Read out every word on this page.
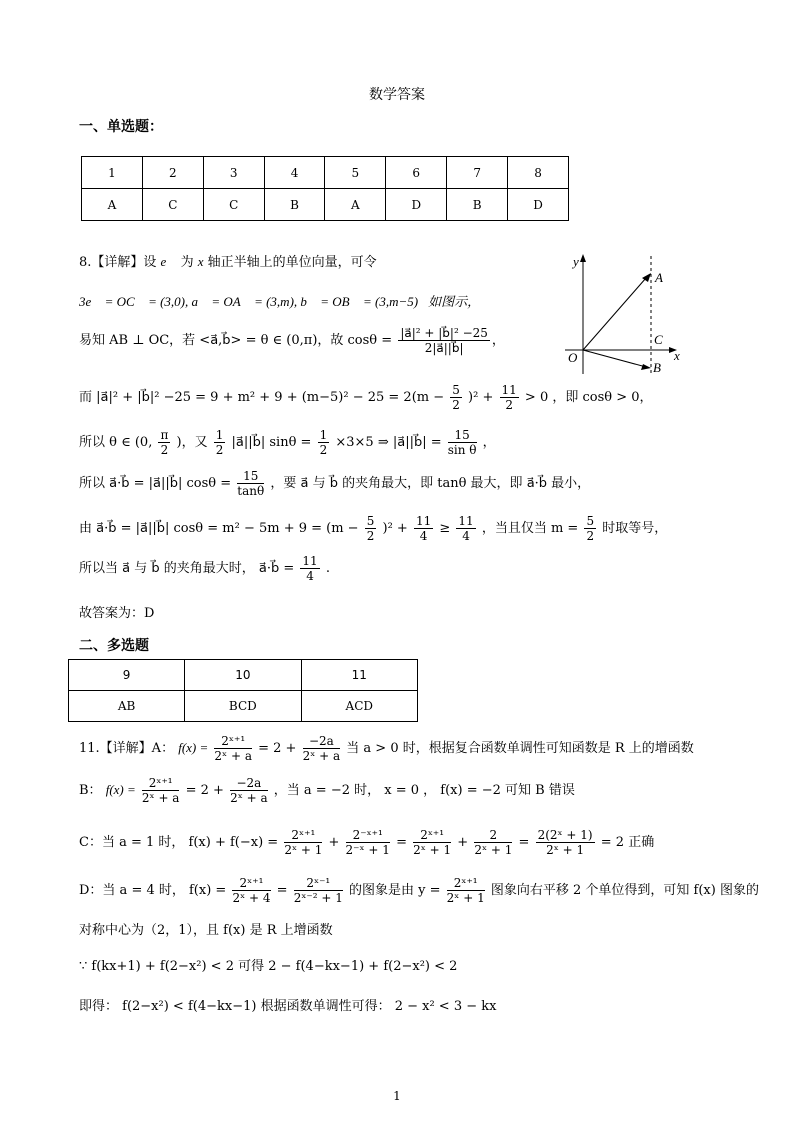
数学答案
一、单选题：
1	2	3	4	5	6	7	8
A	C	C	B	A	D	B	D
8.【详解】设 e⃗ 为 x 轴正半轴上的单位向量，可令
3e⃗ = OC⃗ = (3,0), a⃗ = OA⃗ = (3,m), b⃗ = OB⃗ = (3,m−5)，如图示，
易知 AB ⊥ OC，若 <a⃗,b⃗> = θ ∈ (0,π)，故 $\cos\theta = \frac{\text{|a⃗|² + |b⃗|² −25}}{2|a⃗||b⃗|}$ ，
而 |a⃗|² + |b⃗|² $-25 = 9 + m^2 + 9 + (m-5)^2 - 25 = 2(m - \frac{5}{2} )^2 + \frac{11}{2} > 0$ ，即 cosθ > 0，
所以 θ ∈ (0, $\frac{\pi}{2}$ )，又 $\frac{1}{2}$ |a⃗||b⃗| $\sin\theta = \frac{1}{2} \times 3\times 5$ ⇒ |a⃗||b⃗| = $\frac{15}{\text{sin θ}}$ ，
所以 a⃗·b⃗ = |a⃗||b⃗| $\cos\theta = \frac{15}{\tan\theta}$ ，要 a⃗ 与 b⃗ 的夹角最大，即 tanθ 最大，即 a⃗·b⃗ 最小，
由 a⃗·b⃗ = |a⃗||b⃗| $\cos\theta = m^2 - 5m + 9 = (m - \frac{5}{2} )^2 + \frac{11}{4} \ge \frac{11}{4}$ ，当且仅当 $m = \frac{5}{2}$ 时取等号，
所以当 a⃗ 与 b⃗ 的夹角最大时， a⃗·b⃗ = $\frac{11}{4}$ .
故答案为：D
y
x
A
B
C
O
二、多选题
9	10	11
AB	BCD	ACD
11.【详解】A： $f(x) = \frac{\text{2ˣ⁺¹}}{\text{2ˣ + a}} = 2 + \frac{-2a}{\text{2ˣ + a}}$ 当 a > 0 时，根据复合函数单调性可知函数是 R 上的增函数
B： $f(x) = \frac{\text{2ˣ⁺¹}}{\text{2ˣ + a}} = 2 + \frac{-2a}{\text{2ˣ + a}}$ ，当 a = −2 时， x = 0 ， f(x) = −2 可知 B 错误
C：当 a = 1 时， $f(x) + f(-x) = \frac{\text{2ˣ⁺¹}}{\text{2ˣ + 1}} + \frac{\text{2⁻ˣ⁺¹}}{\text{2⁻ˣ + 1}} = \frac{\text{2ˣ⁺¹}}{\text{2ˣ + 1}} + \frac{2}{\text{2ˣ + 1}} = \frac{\text{2(2ˣ + 1)}}{\text{2ˣ + 1}} = 2$ 正确
D：当 a = 4 时， $f(x) = \frac{\text{2ˣ⁺¹}}{\text{2ˣ + 4}} = \frac{\text{2ˣ⁻¹}}{\text{2ˣ⁻² + 1}}$ 的图象是由 $y = \frac{\text{2ˣ⁺¹}}{\text{2ˣ + 1}}$ 图象向右平移 2 个单位得到，可知 f(x) 图象的
对称中心为（2，1），且 f(x) 是 R 上增函数
∵ f(kx+1) + f(2−x²) < 2 可得 2 − f(4−kx−1) + f(2−x²) < 2
即得： f(2−x²) < f(4−kx−1) 根据函数单调性可得： 2 − x² < 3 − kx
1
